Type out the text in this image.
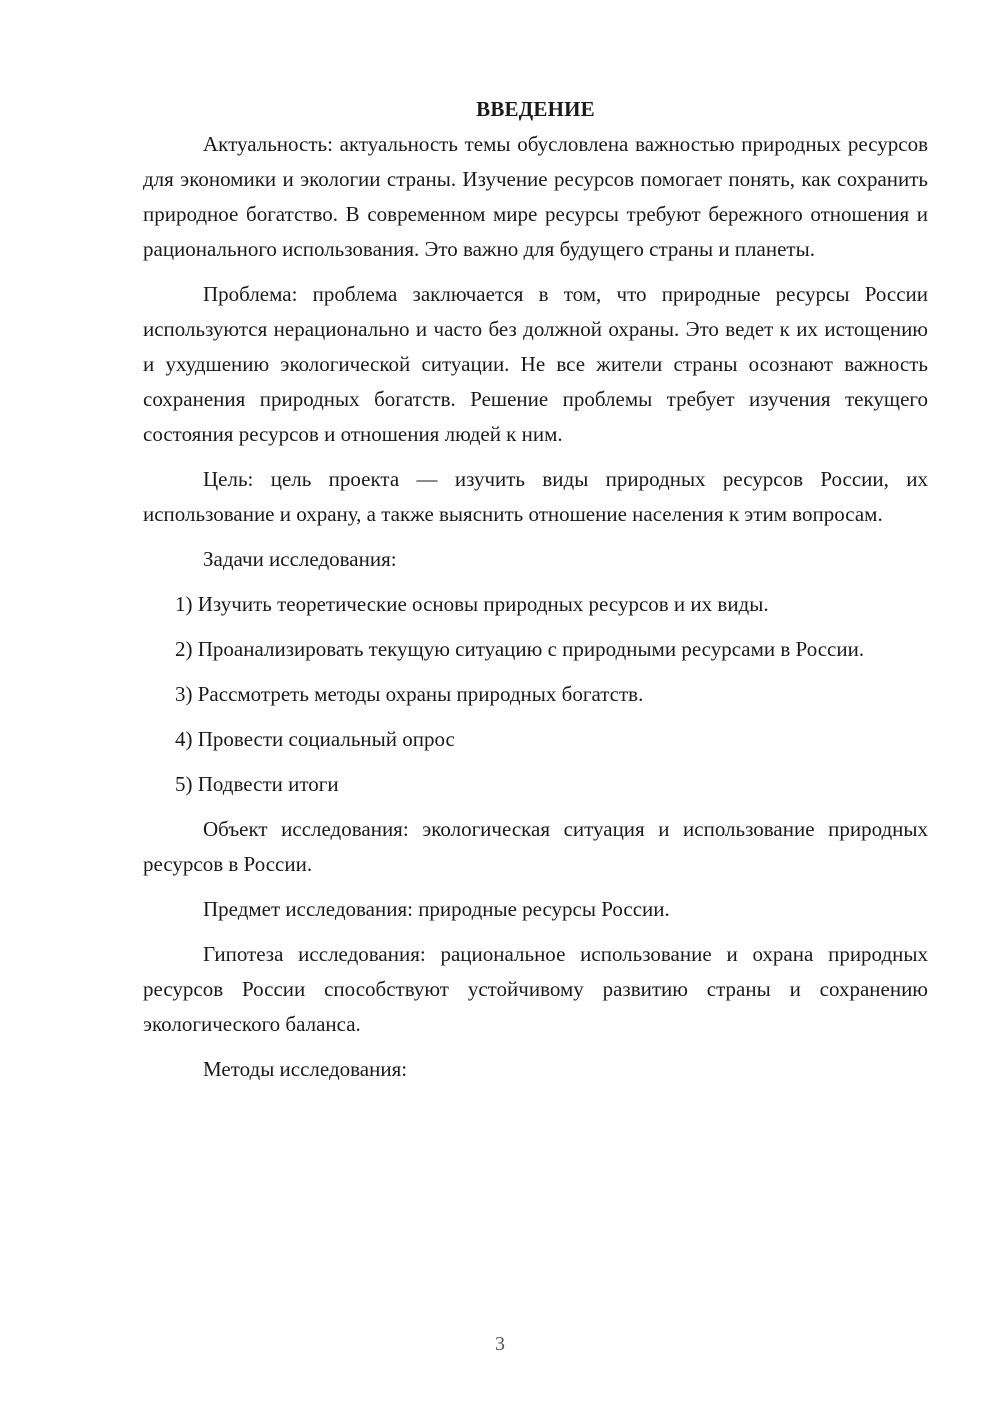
ВВЕДЕНИЕ

Актуальность: актуальность темы обусловлена важностью природных ресурсов для экономики и экологии страны. Изучение ресурсов помогает понять, как сохранить природное богатство. В современном мире ресурсы требуют бережного отношения и рационального использования. Это важно для будущего страны и планеты.

Проблема: проблема заключается в том, что природные ресурсы России используются нерационально и часто без должной охраны. Это ведет к их истощению и ухудшению экологической ситуации. Не все жители страны осознают важность сохранения природных богатств. Решение проблемы требует изучения текущего состояния ресурсов и отношения людей к ним.

Цель: цель проекта — изучить виды природных ресурсов России, их использование и охрану, а также выяснить отношение населения к этим вопросам.

Задачи исследования:

1) Изучить теоретические основы природных ресурсов и их виды.

2) Проанализировать текущую ситуацию с природными ресурсами в России.

3) Рассмотреть методы охраны природных богатств.

4) Провести социальный опрос

5) Подвести итоги

Объект исследования: экологическая ситуация и использование природных ресурсов в России.

Предмет исследования: природные ресурсы России.

Гипотеза исследования: рациональное использование и охрана природных ресурсов России способствуют устойчивому развитию страны и сохранению экологического баланса.

Методы исследования:

3
